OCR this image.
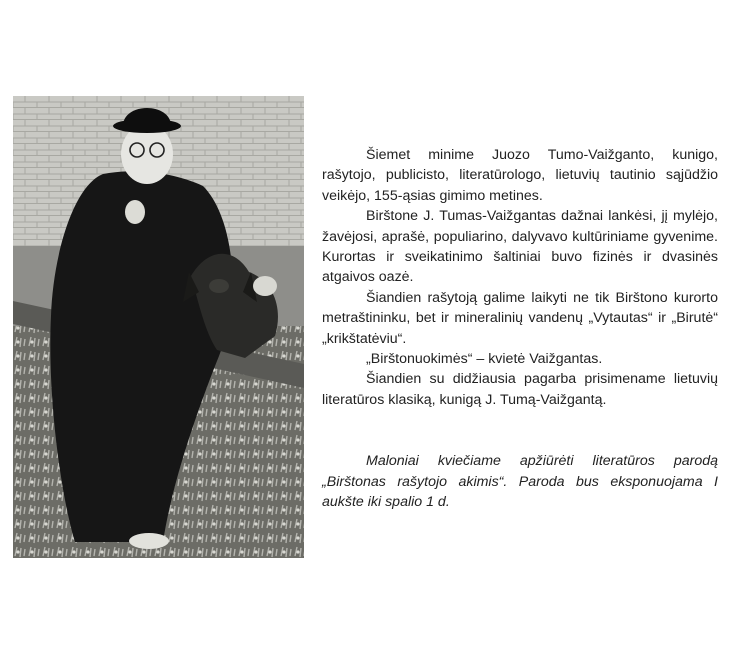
Šiemet minime Juozo Tumo-Vaižganto, kunigo, rašytojo, publicisto, literatūrologo, lietuvių tautinio sąjūdžio veikėjo, 155-ąsias gimimo metines.

Birštone J. Tumas-Vaižgantas dažnai lankėsi, jį mylėjo, žavėjosi, aprašė, populiarino, dalyvavo kultūriniame gyvenime. Kurortas ir sveikatinimo šaltiniai buvo fizinės ir dvasinės atgaivos oazė.

Šiandien rašytoją galime laikyti ne tik Birštono kurorto metraštininku, bet ir mineralinių vandenų „Vytautas“ ir „Birutė“ „krikštatėviu“.

„Birštonuokimės“ – kvietė Vaižgantas.

Šiandien su didžiausia pagarba prisimename lietuvių literatūros klasiką, kunigą J. Tumą-Vaižgantą.

Maloniai kviečiame apžiūrėti literatūros parodą „Birštonas rašytojo akimis“. Paroda bus eksponuojama I aukšte iki spalio 1 d.
